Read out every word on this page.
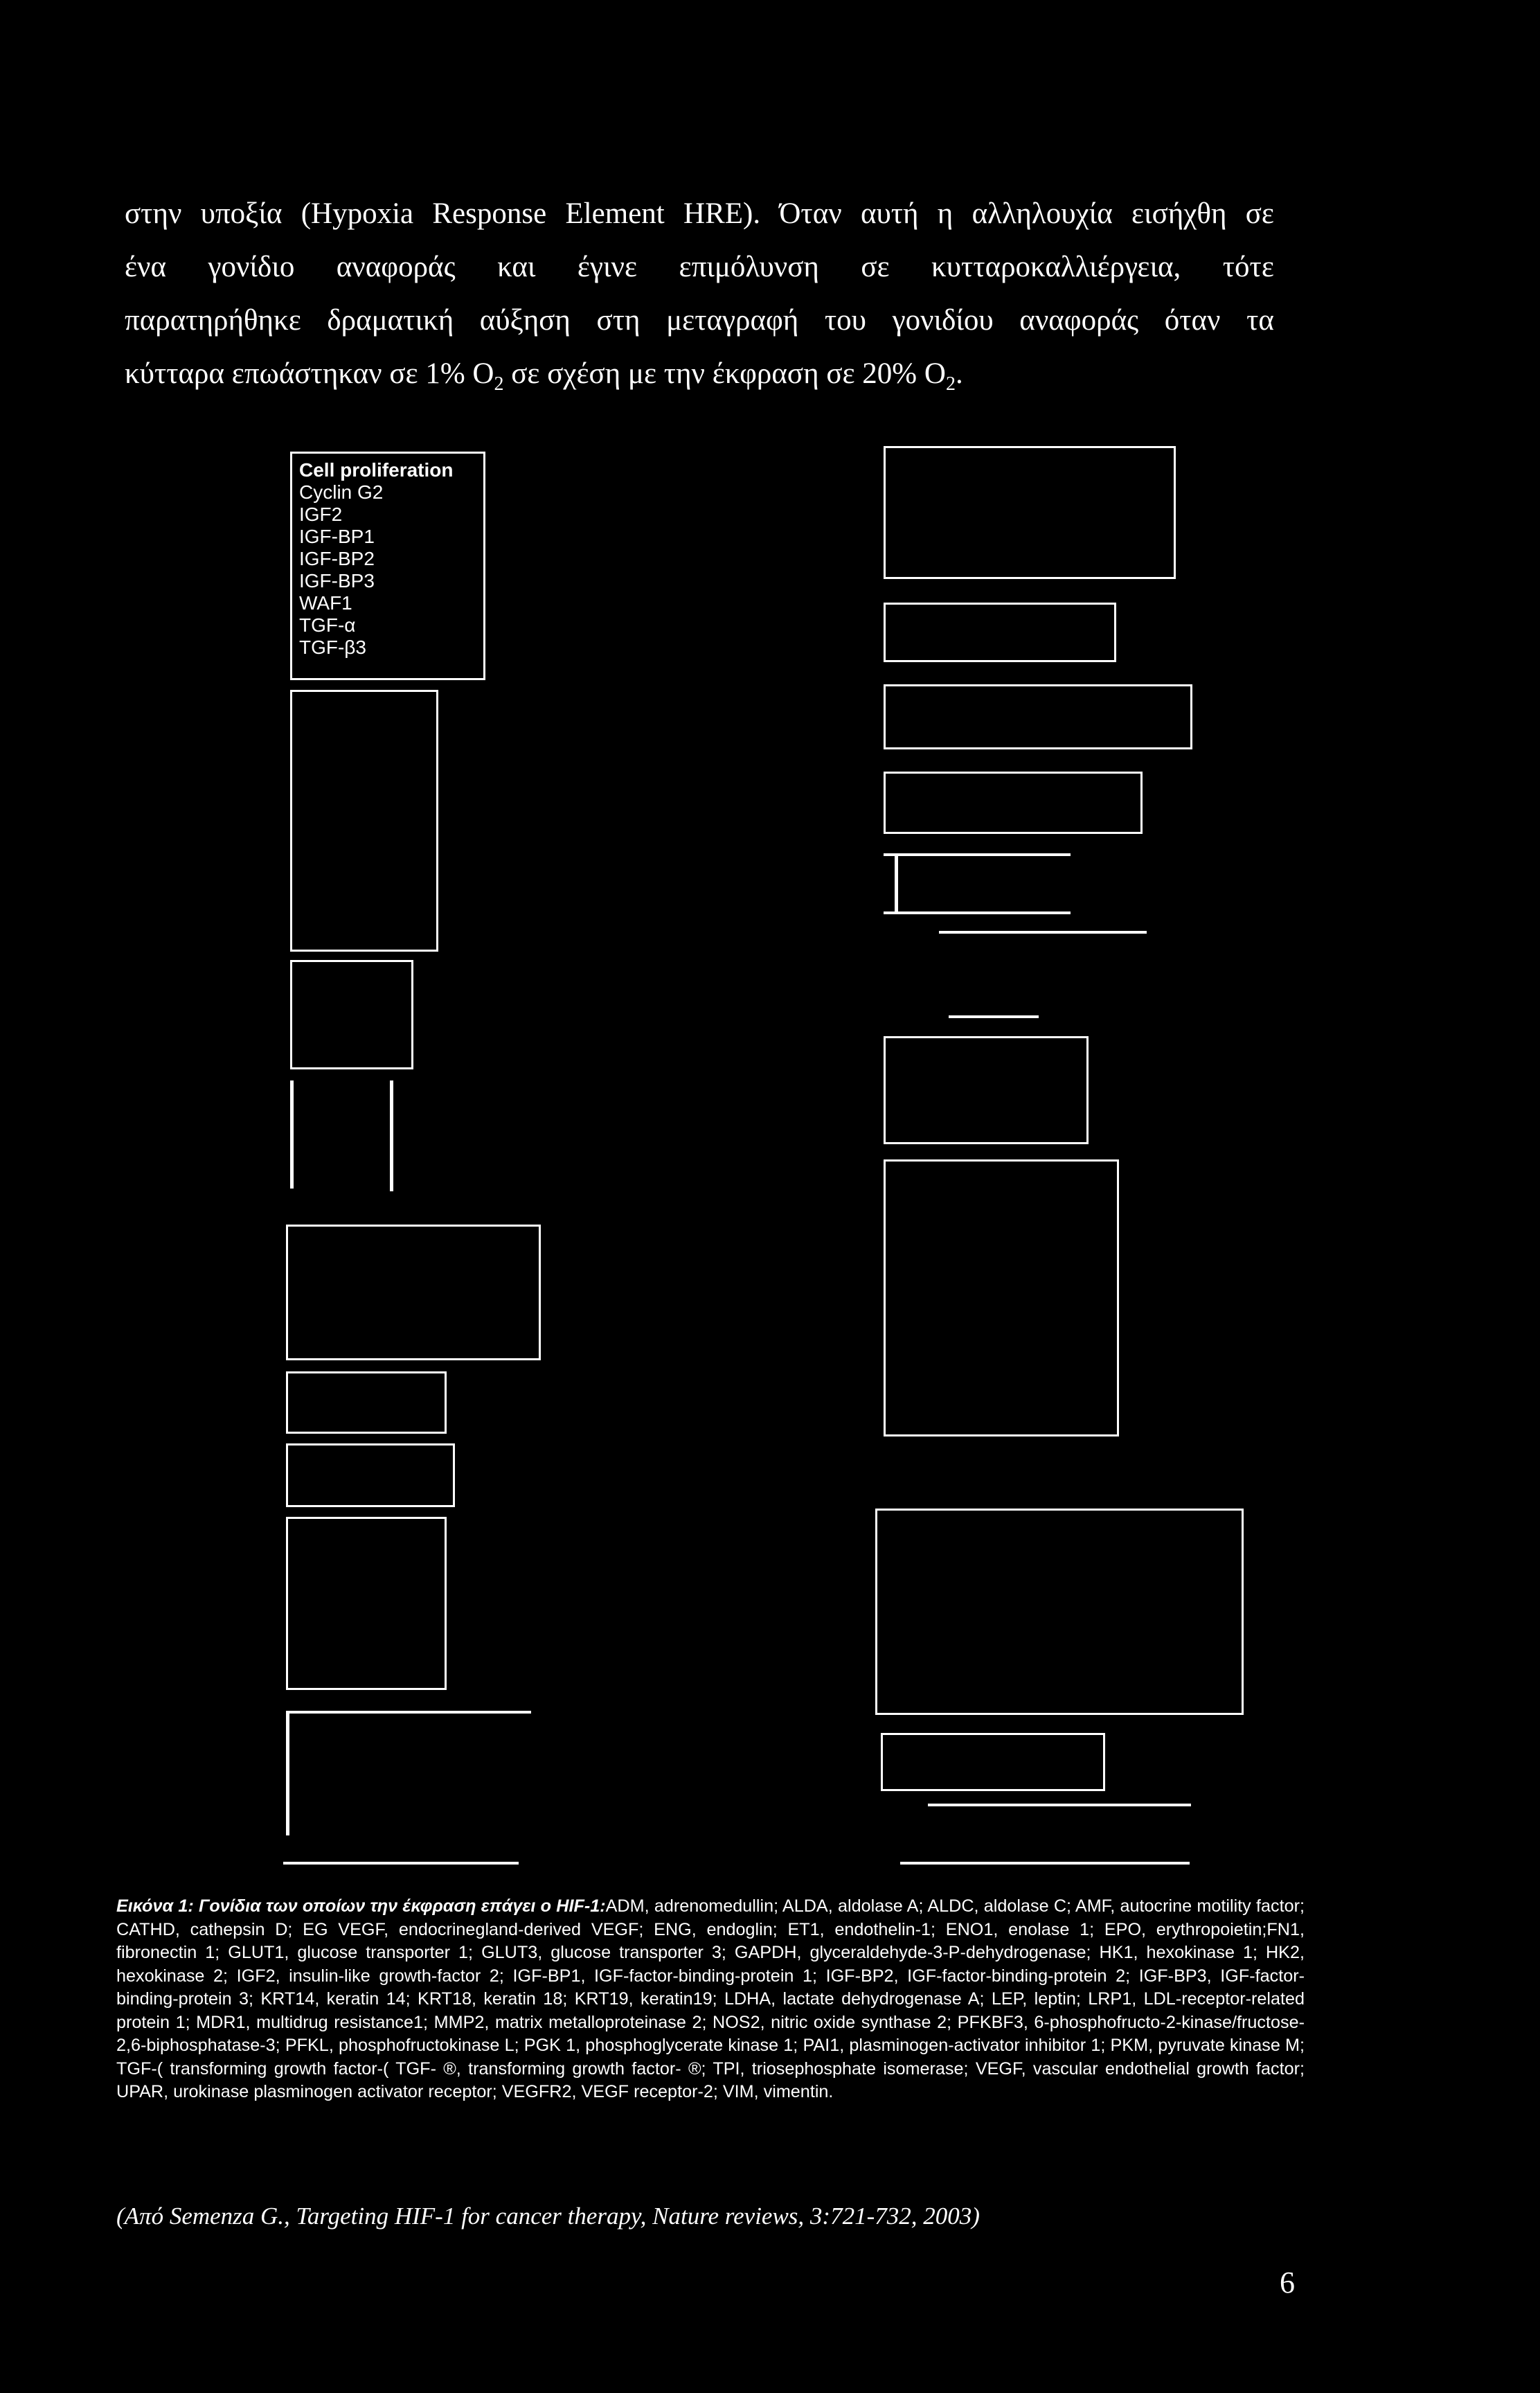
στην υποξία (Hypoxia Response Element HRE). Όταν αυτή η αλληλουχία εισήχθη σε

ένα γονίδιο αναφοράς και έγινε επιμόλυνση σε κυτταροκαλλιέργεια, τότε

παρατηρήθηκε δραματική αύξηση στη μεταγραφή του γονιδίου αναφοράς όταν τα

κύτταρα επωάστηκαν σε 1% $O_2$ σε σχέση με την έκφραση σε 20% $O_2$.

Cell proliferation
Cyclin G2
IGF2
IGF-BP1
IGF-BP2
IGF-BP3
WAF1
TGF-α
TGF-β3
Εικόνα 1: Γονίδια των οποίων την έκφραση επάγει ο HIF-1:ADM, adrenomedullin; ALDA, aldolase A; ALDC, aldolase C; AMF, autocrine motility factor; CATHD, cathepsin D; EG VEGF, endocrinegland-derived VEGF; ENG, endoglin; ET1, endothelin-1; ENO1, enolase 1; EPO, erythropoietin;FN1, fibronectin 1; GLUT1, glucose transporter 1; GLUT3, glucose transporter 3; GAPDH, glyceraldehyde-3-P-dehydrogenase; HK1, hexokinase 1; HK2, hexokinase 2; IGF2, insulin-like growth-factor 2; IGF-BP1, IGF-factor-binding-protein 1; IGF-BP2, IGF-factor-binding-protein 2; IGF-BP3, IGF-factor-binding-protein 3; KRT14, keratin 14; KRT18, keratin 18; KRT19, keratin19; LDHA, lactate dehydrogenase A; LEP, leptin; LRP1, LDL-receptor-related protein 1; MDR1, multidrug resistance1; MMP2, matrix metalloproteinase 2; NOS2, nitric oxide synthase 2; PFKBF3, 6-phosphofructo-2-kinase/fructose-2,6-biphosphatase-3; PFKL, phosphofructokinase L; PGK 1, phosphoglycerate kinase 1; PAI1, plasminogen-activator inhibitor 1; PKM, pyruvate kinase M; TGF-( transforming growth factor-( TGF- ®, transforming growth factor- ®; TPI, triosephosphate isomerase; VEGF, vascular endothelial growth factor; UPAR, urokinase plasminogen activator receptor; VEGFR2, VEGF receptor-2; VIM, vimentin.
(Από Semenza G., Targeting HIF-1 for cancer therapy, Nature reviews, 3:721-732, 2003)
6
